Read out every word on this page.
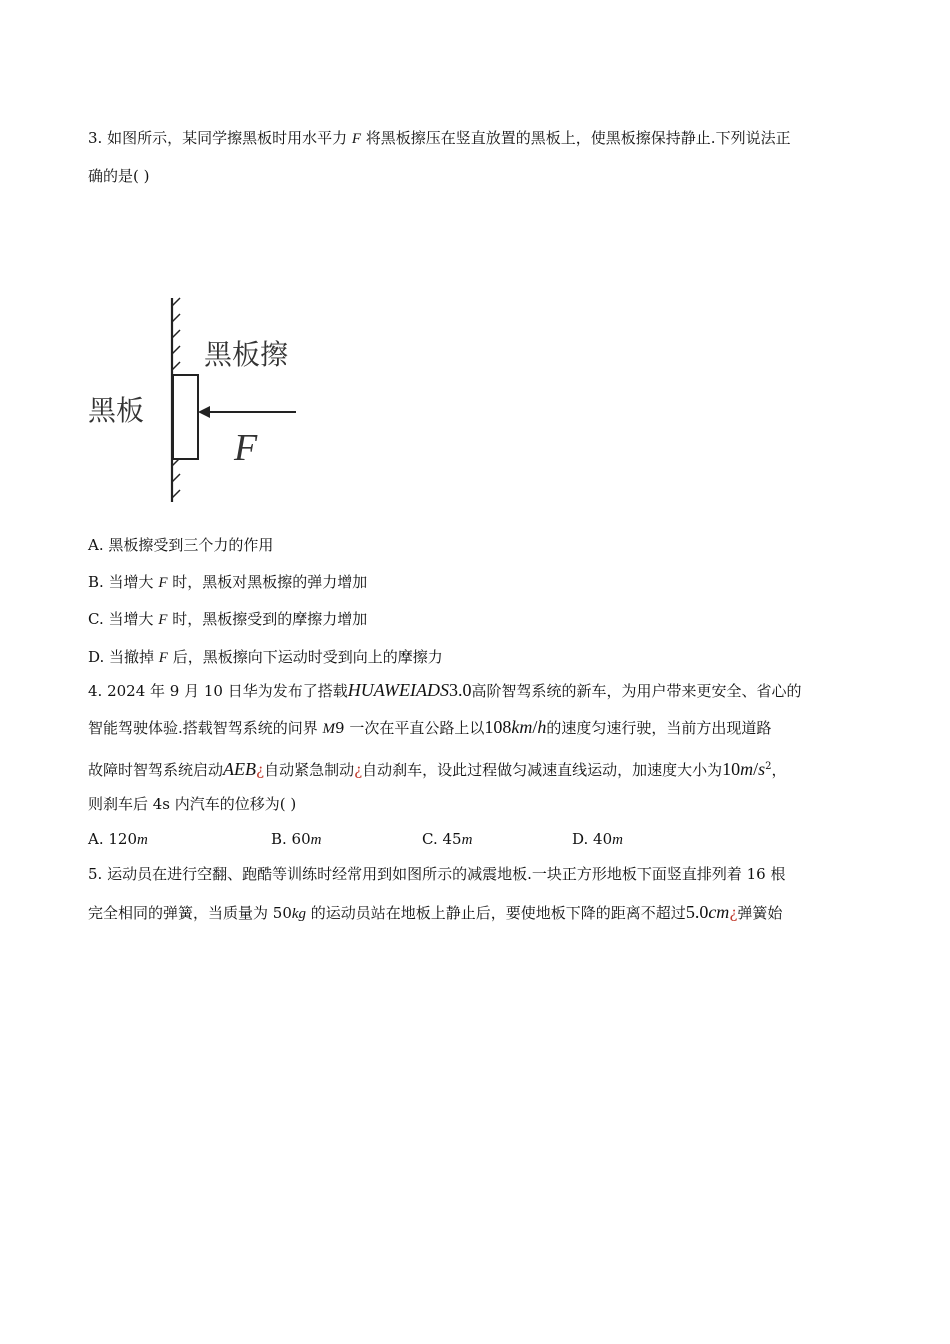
3. 如图所示，某同学擦黑板时用水平力 F 将黑板擦压在竖直放置的黑板上，使黑板擦保持静止.下列说法正
确的是( )
黑板擦
黑板
F
A. 黑板擦受到三个力的作用
B. 当增大 F 时，黑板对黑板擦的弹力增加
C. 当增大 F 时，黑板擦受到的摩擦力增加
D. 当撤掉 F 后，黑板擦向下运动时受到向上的摩擦力
4. 2024 年 9 月 10 日华为发布了搭载HUAWEIADS3.0高阶智驾系统的新车，为用户带来更安全、省心的
智能驾驶体验.搭载智驾系统的问界 M9 一次在平直公路上以108km/h的速度匀速行驶，当前方出现道路
故障时智驾系统启动AEB¿自动紧急制动¿自动刹车，设此过程做匀减速直线运动，加速度大小为$10m/s^2$，
则刹车后 4s 内汽车的位移为( )
A. 120m	B. 60m	C. 45m	D. 40m
5. 运动员在进行空翻、跑酷等训练时经常用到如图所示的减震地板.一块正方形地板下面竖直排列着 16 根
完全相同的弹簧，当质量为 50kg 的运动员站在地板上静止后，要使地板下降的距离不超过5.0cm¿弹簧始
